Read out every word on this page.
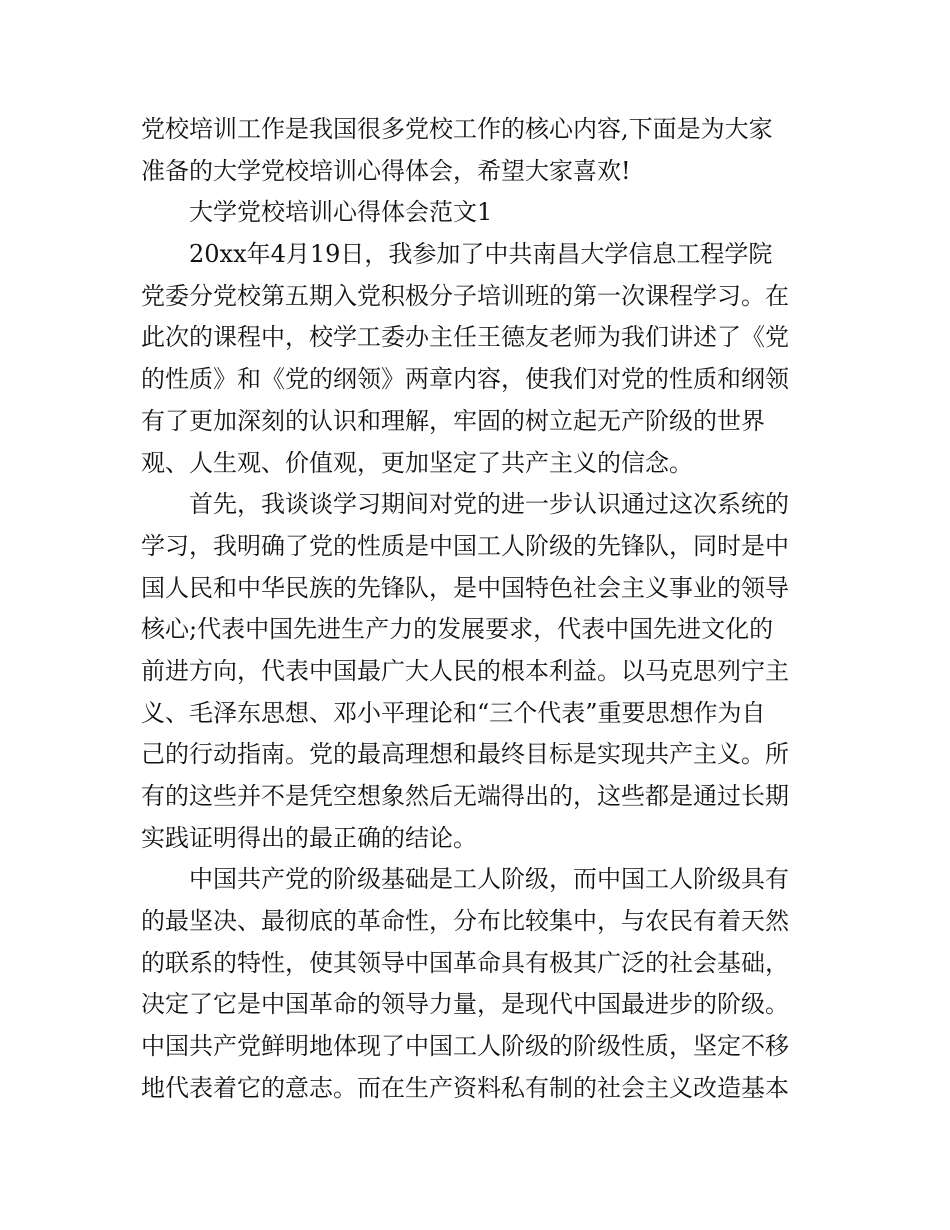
党校培训工作是我国很多党校工作的核心内容,下面是为大家
准备的大学党校培训心得体会，希望大家喜欢!
大学党校培训心得体会范文1
20xx年4月19日，我参加了中共南昌大学信息工程学院
党委分党校第五期入党积极分子培训班的第一次课程学习。在
此次的课程中，校学工委办主任王德友老师为我们讲述了《党
的性质》和《党的纲领》两章内容，使我们对党的性质和纲领
有了更加深刻的认识和理解，牢固的树立起无产阶级的世界
观、人生观、价值观，更加坚定了共产主义的信念。
首先，我谈谈学习期间对党的进一步认识通过这次系统的
学习，我明确了党的性质是中国工人阶级的先锋队，同时是中
国人民和中华民族的先锋队，是中国特色社会主义事业的领导
核心;代表中国先进生产力的发展要求，代表中国先进文化的
前进方向，代表中国最广大人民的根本利益。以马克思列宁主
义、毛泽东思想、邓小平理论和“三个代表”重要思想作为自
己的行动指南。党的最高理想和最终目标是实现共产主义。所
有的这些并不是凭空想象然后无端得出的，这些都是通过长期
实践证明得出的最正确的结论。
中国共产党的阶级基础是工人阶级，而中国工人阶级具有
的最坚决、最彻底的革命性，分布比较集中，与农民有着天然
的联系的特性，使其领导中国革命具有极其广泛的社会基础，
决定了它是中国革命的领导力量，是现代中国最进步的阶级。
中国共产党鲜明地体现了中国工人阶级的阶级性质，坚定不移
地代表着它的意志。而在生产资料私有制的社会主义改造基本
